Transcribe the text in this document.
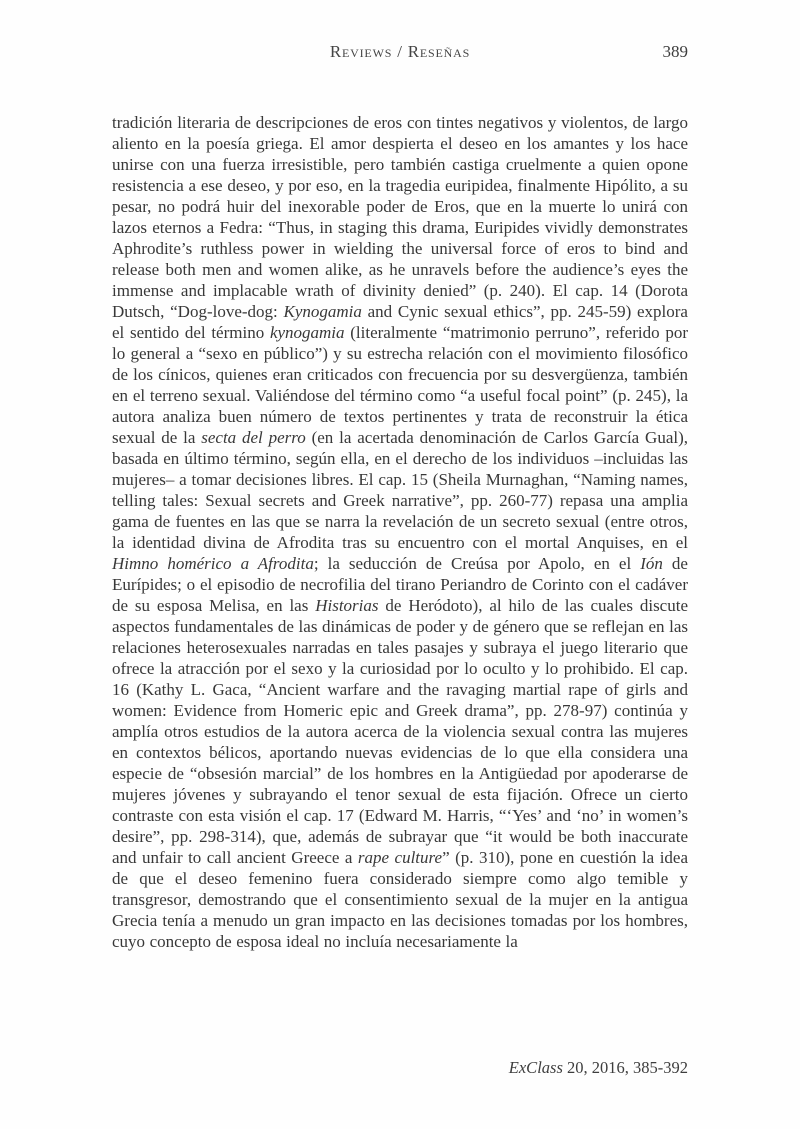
Reviews / Reseñas	389

tradición literaria de descripciones de eros con tintes negativos y violentos, de largo aliento en la poesía griega. El amor despierta el deseo en los amantes y los hace unirse con una fuerza irresistible, pero también castiga cruelmente a quien opone resistencia a ese deseo, y por eso, en la tragedia euripidea, finalmente Hipólito, a su pesar, no podrá huir del inexorable poder de Eros, que en la muerte lo unirá con lazos eternos a Fedra: “Thus, in staging this drama, Euripides vividly demonstrates Aphrodite’s ruthless power in wielding the universal force of eros to bind and release both men and women alike, as he unravels before the audience’s eyes the immense and implacable wrath of divinity denied” (p. 240). El cap. 14 (Dorota Dutsch, “Dog-love-dog: Kynogamia and Cynic sexual ethics”, pp. 245-59) explora el sentido del término kynogamia (literalmente “matrimonio perruno”, referido por lo general a “sexo en público”) y su estrecha relación con el movimiento filosófico de los cínicos, quienes eran criticados con frecuencia por su desvergüenza, también en el terreno sexual. Valiéndose del término como “a useful focal point” (p. 245), la autora analiza buen número de textos pertinentes y trata de reconstruir la ética sexual de la secta del perro (en la acertada denominación de Carlos García Gual), basada en último término, según ella, en el derecho de los individuos –incluidas las mujeres– a tomar decisiones libres. El cap. 15 (Sheila Murnaghan, “Naming names, telling tales: Sexual secrets and Greek narrative”, pp. 260-77) repasa una amplia gama de fuentes en las que se narra la revelación de un secreto sexual (entre otros, la identidad divina de Afrodita tras su encuentro con el mortal Anquises, en el Himno homérico a Afrodita; la seducción de Creúsa por Apolo, en el Ión de Eurípides; o el episodio de necrofilia del tirano Periandro de Corinto con el cadáver de su esposa Melisa, en las Historias de Heródoto), al hilo de las cuales discute aspectos fundamentales de las dinámicas de poder y de género que se reflejan en las relaciones heterosexuales narradas en tales pasajes y subraya el juego literario que ofrece la atracción por el sexo y la curiosidad por lo oculto y lo prohibido. El cap. 16 (Kathy L. Gaca, “Ancient warfare and the ravaging martial rape of girls and women: Evidence from Homeric epic and Greek drama”, pp. 278-97) continúa y amplía otros estudios de la autora acerca de la violencia sexual contra las mujeres en contextos bélicos, aportando nuevas evidencias de lo que ella considera una especie de “obsesión marcial” de los hombres en la Antigüedad por apoderarse de mujeres jóvenes y subrayando el tenor sexual de esta fijación. Ofrece un cierto contraste con esta visión el cap. 17 (Edward M. Harris, “‘Yes’ and ‘no’ in women’s desire”, pp. 298-314), que, además de subrayar que “it would be both inaccurate and unfair to call ancient Greece a rape culture” (p. 310), pone en cuestión la idea de que el deseo femenino fuera considerado siempre como algo temible y transgresor, demostrando que el consentimiento sexual de la mujer en la antigua Grecia tenía a menudo un gran impacto en las decisiones tomadas por los hombres, cuyo concepto de esposa ideal no incluía necesariamente la

ExClass 20, 2016, 385-392
